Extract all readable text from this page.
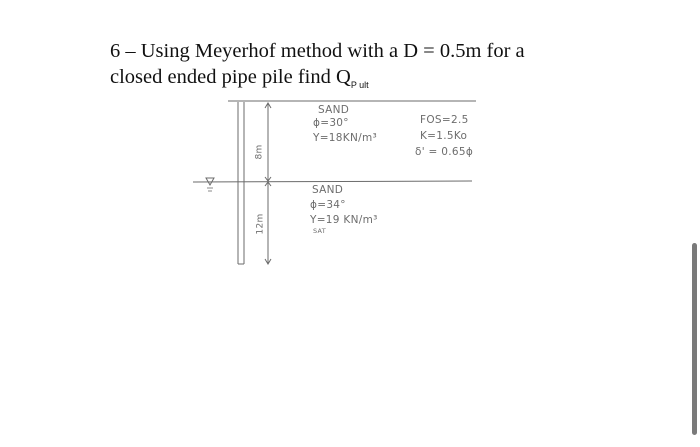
6 – Using Meyerhof method with a D = 0.5m for a
closed ended pipe pile find $Q_{P ult}$
SAND
ϕ=30°
Y=18KN/m³
8m
FOS=2.5
K=1.5Ko
δ' = 0.65ϕ
SAND
ϕ=34°
Y=19 KN/m³
SAT
12m
